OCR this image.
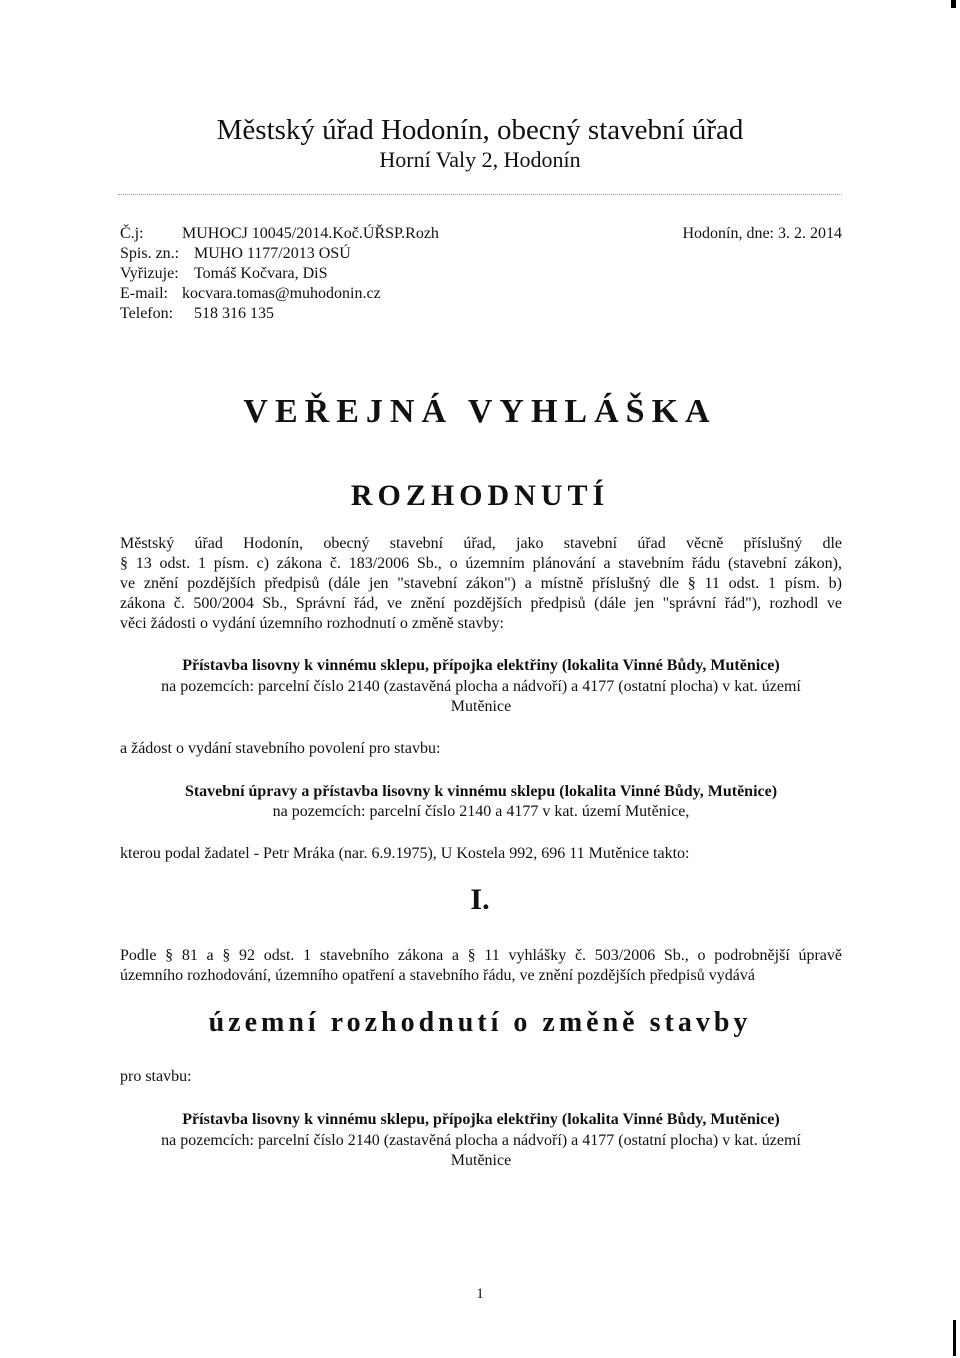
Městský úřad Hodonín, obecný stavební úřad
Horní Valy 2, Hodonín
Č.j: MUHOCJ 10045/2014.Koč.ÚŘSP.Rozh
Spis. zn.: MUHO 1177/2013 OSÚ
Vyřizuje: Tomáš Kočvara, DiS
E-mail: kocvara.tomas@muhodonin.cz
Telefon: 518 316 135
Hodonín, dne: 3. 2. 2014
VEŘEJNÁ VYHLÁŠKA
ROZHODNUTÍ
Městský úřad Hodonín, obecný stavební úřad, jako stavební úřad věcně příslušný dle
§ 13 odst. 1 písm. c) zákona č. 183/2006 Sb., o územním plánování a stavebním řádu (stavební zákon),
ve znění pozdějších předpisů (dále jen "stavební zákon") a místně příslušný dle § 11 odst. 1 písm. b)
zákona č. 500/2004 Sb., Správní řád, ve znění pozdějších předpisů (dále jen "správní řád"), rozhodl ve
věci žádosti o vydání územního rozhodnutí o změně stavby:
Přístavba lisovny k vinnému sklepu, přípojka elektřiny (lokalita Vinné Bůdy, Mutěnice)
na pozemcích: parcelní číslo 2140 (zastavěná plocha a nádvoří) a 4177 (ostatní plocha) v kat. území
Mutěnice
a žádost o vydání stavebního povolení pro stavbu:
Stavební úpravy a přístavba lisovny k vinnému sklepu (lokalita Vinné Bůdy, Mutěnice)
na pozemcích: parcelní číslo 2140 a 4177 v kat. území Mutěnice,
kterou podal žadatel - Petr Mráka (nar. 6.9.1975), U Kostela 992, 696 11 Mutěnice takto:
I.
Podle § 81 a § 92 odst. 1 stavebního zákona a § 11 vyhlášky č. 503/2006 Sb., o podrobnější úpravě
územního rozhodování, územního opatření a stavebního řádu, ve znění pozdějších předpisů vydává
územní rozhodnutí o změně stavby
pro stavbu:
Přístavba lisovny k vinnému sklepu, přípojka elektřiny (lokalita Vinné Bůdy, Mutěnice)
na pozemcích: parcelní číslo 2140 (zastavěná plocha a nádvoří) a 4177 (ostatní plocha) v kat. území
Mutěnice
1
